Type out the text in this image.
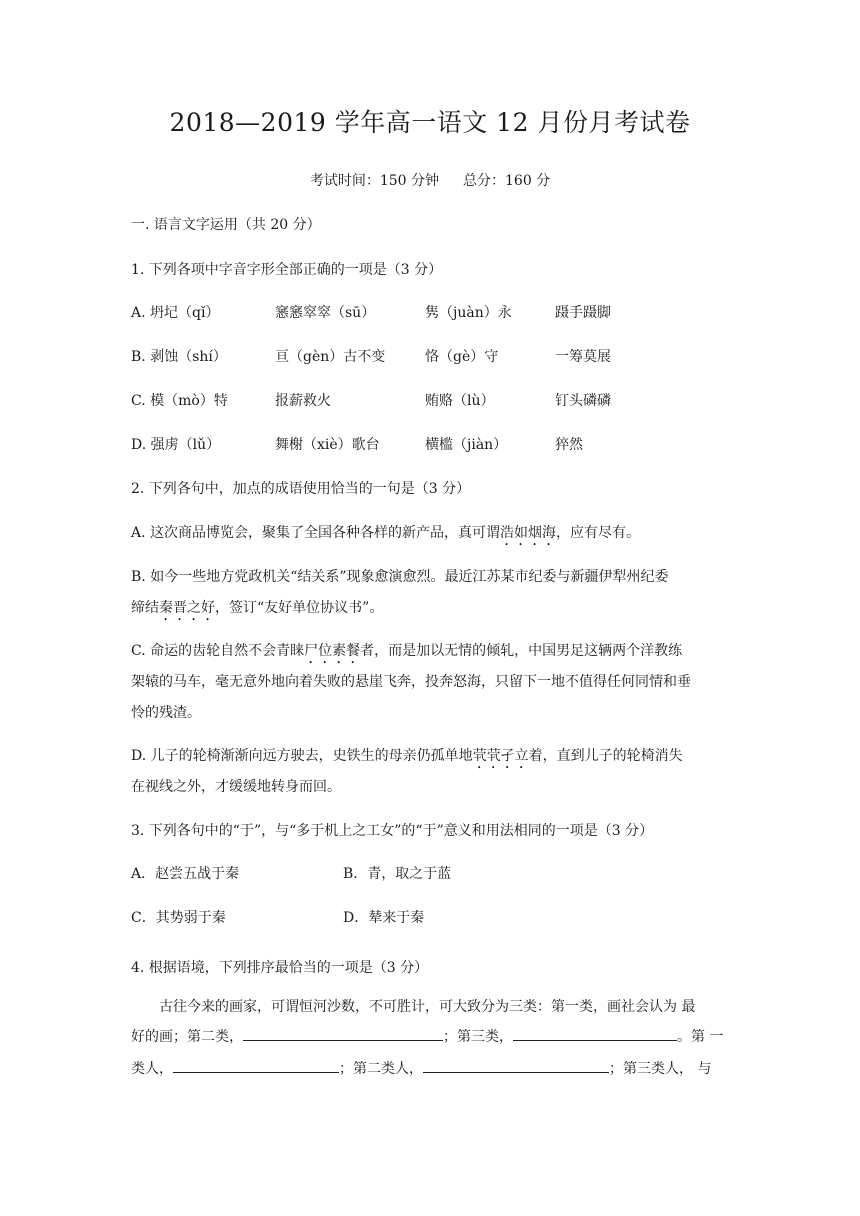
2018—2019 学年高一语文 12 月份月考试卷
考试时间：150 分钟 总分：160 分
一. 语言文字运用（共 20 分）
1. 下列各项中字音字形全部正确的一项是（3 分）
A. 坍圮（qǐ）	窸窸窣窣（sū）	隽（juàn）永	蹑手蹑脚
B. 剥蚀（shí）	亘（gèn）古不变	恪（gè）守	一筹莫展
C. 模（mò）特	报薪救火	贿赂（lù）	钉头磷磷
D. 强虏（lǔ）	舞榭（xiè）歌台	横槛（jiàn）	猝然
2. 下列各句中，加点的成语使用恰当的一句是（3 分）
A. 这次商品博览会，聚集了全国各种各样的新产品，真可谓浩如烟海，应有尽有。
B. 如今一些地方党政机关“结关系”现象愈演愈烈。最近江苏某市纪委与新疆伊犁州纪委
缔结秦晋之好，签订“友好单位协议书”。
C. 命运的齿轮自然不会青睐尸位素餐者，而是加以无情的倾轧，中国男足这辆两个洋教练
架辕的马车，毫无意外地向着失败的悬崖飞奔，投奔怒海，只留下一地不值得任何同情和垂
怜的残渣。
D. 儿子的轮椅渐渐向远方驶去，史铁生的母亲仍孤单地茕茕孑立着，直到儿子的轮椅消失
在视线之外，才缓缓地转身而回。
3. 下列各句中的“于”，与“多于机上之工女”的“于”意义和用法相同的一项是（3 分）
A．赵尝五战于秦	B．青，取之于蓝
C．其势弱于秦	D．辇来于秦
4. 根据语境，下列排序最恰当的一项是（3 分）
古往今来的画家，可谓恒河沙数，不可胜计，可大致分为三类：第一类，画社会认为 最
好的画；第二类，	；第三类，	。第 一
类人，	；第二类人，	；第三类人， 与
